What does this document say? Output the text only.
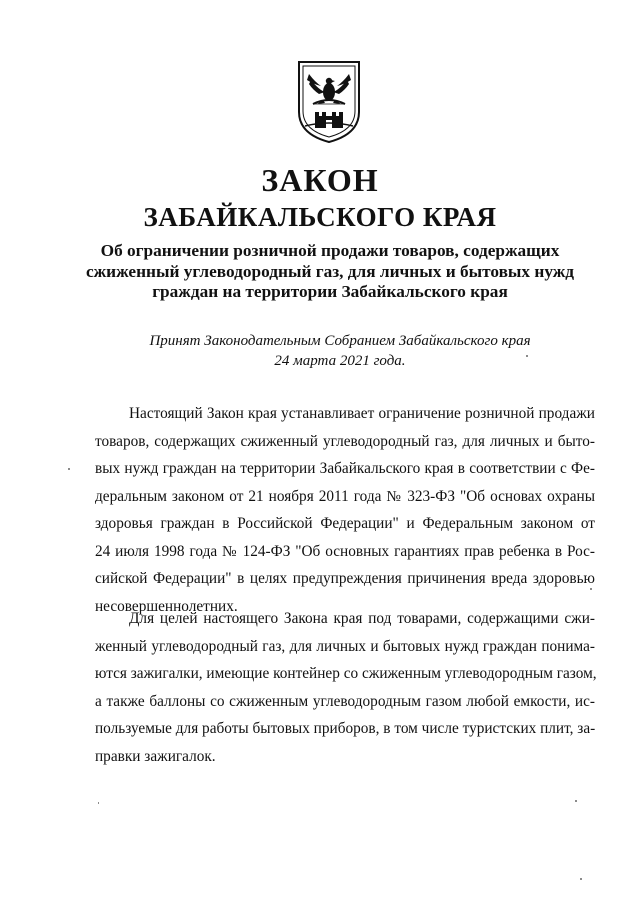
ЗАКОН
ЗАБАЙКАЛЬСКОГО КРАЯ
Об ограничении розничной продажи товаров, содержащих
сжиженный углеводородный газ, для личных и бытовых нужд
граждан на территории Забайкальского края
Принят Законодательным Собранием Забайкальского края
24 марта 2021 года.
Настоящий Закон края устанавливает ограничение розничной продажи
товаров, содержащих сжиженный углеводородный газ, для личных и быто-
вых нужд граждан на территории Забайкальского края в соответствии с Фе-
деральным законом от 21 ноября 2011 года № 323-ФЗ "Об основах охраны
здоровья граждан в Российской Федерации" и Федеральным законом от
24 июля 1998 года № 124-ФЗ "Об основных гарантиях прав ребенка в Рос-
сийской Федерации" в целях предупреждения причинения вреда здоровью
несовершеннолетних.
Для целей настоящего Закона края под товарами, содержащими сжи-
женный углеводородный газ, для личных и бытовых нужд граждан понима-
ются зажигалки, имеющие контейнер со сжиженным углеводородным газом,
а также баллоны со сжиженным углеводородным газом любой емкости, ис-
пользуемые для работы бытовых приборов, в том числе туристских плит, за-
правки зажигалок.
